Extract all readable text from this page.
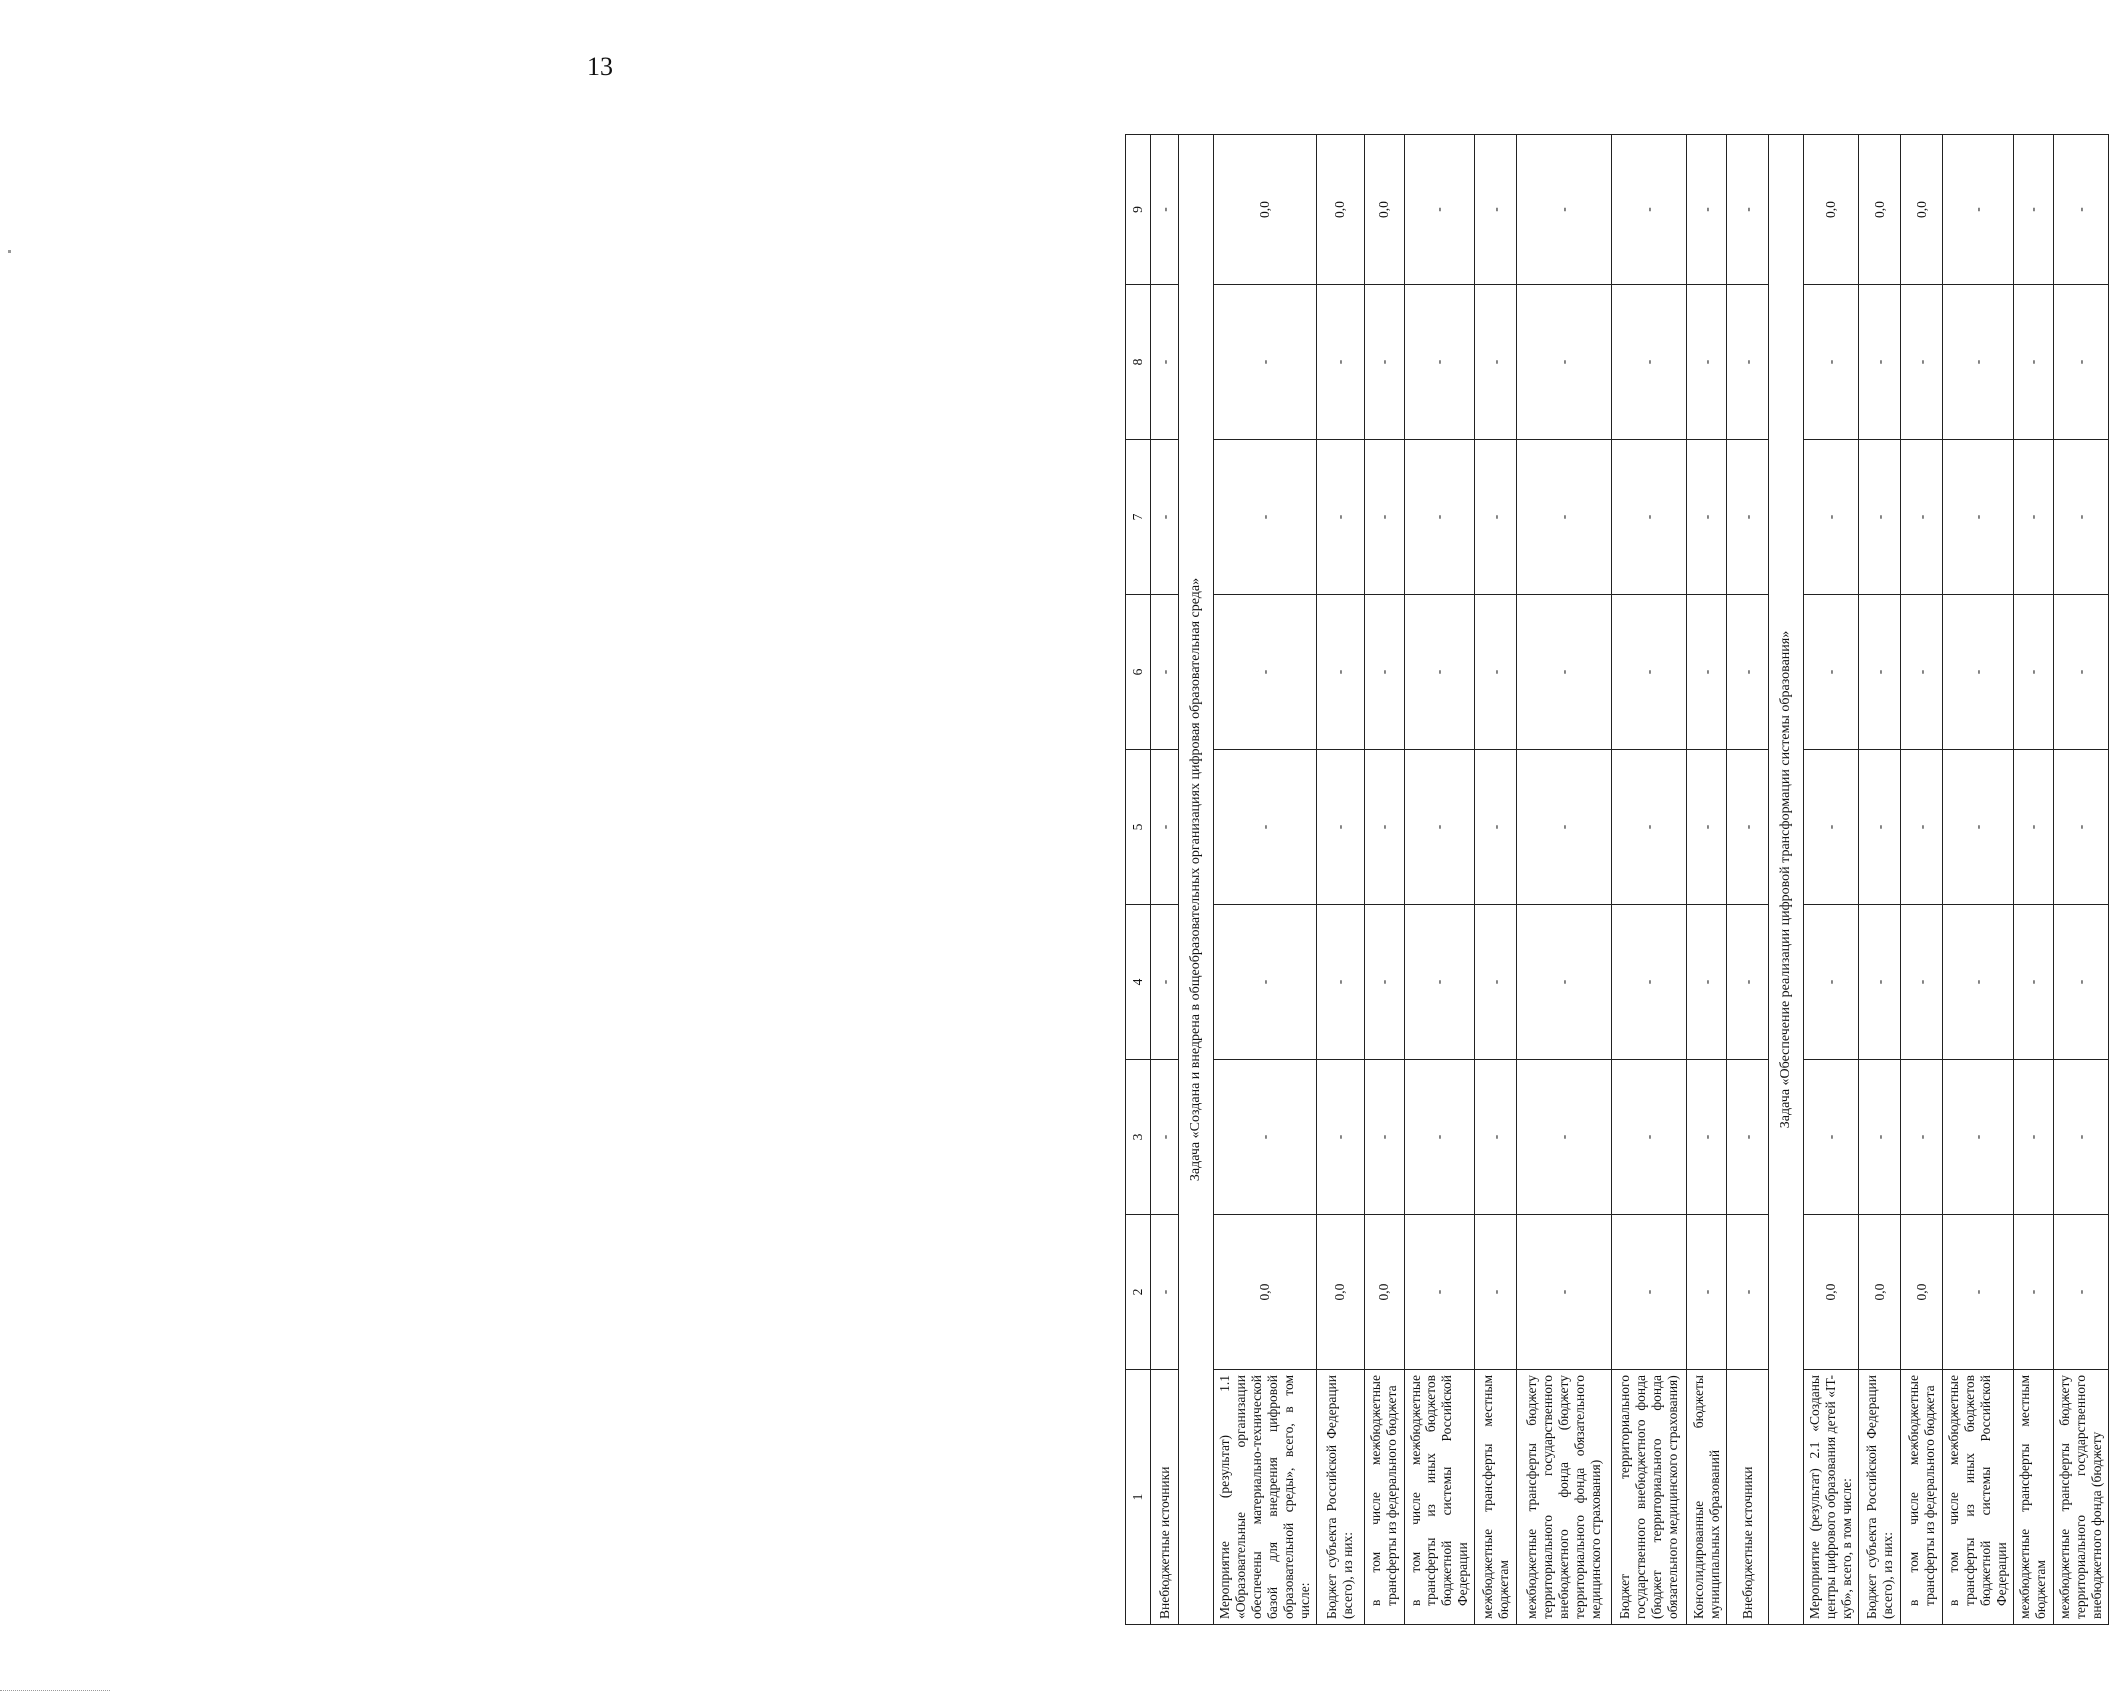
13
1	2	3	4	5	6	7	8	9
Внебюджетные источники	-	-	-	-	-	-	-	-
Задача «Создана и внедрена в общеобразовательных организациях цифровая образовательная среда»								
Мероприятие (результат) 1.1 «Образовательные организации обеспечены материально-технической базой для внедрения цифровой образовательной среды», всего, в том числе:	0,0	-	-	-	-	-	-	0,0
Бюджет субъекта Российской Федерации (всего), из них:	0,0	-	-	-	-	-	-	0,0
в том числе межбюджетные трансферты из федерального бюджета	0,0	-	-	-	-	-	-	0,0
в том числе межбюджетные трансферты из иных бюджетов бюджетной системы Российской Федерации	-	-	-	-	-	-	-	-
межбюджетные трансферты местным бюджетам	-	-	-	-	-	-	-	-
межбюджетные трансферты бюджету территориального государственного внебюджетного фонда (бюджету территориального фонда обязательного медицинского страхования)	-	-	-	-	-	-	-	-
Бюджет территориального государственного внебюджетного фонда (бюджет территориального фонда обязательного медицинского страхования)	-	-	-	-	-	-	-	-
Консолидированные бюджеты муниципальных образований	-	-	-	-	-	-	-	-
Внебюджетные источники	-	-	-	-	-	-	-	-
Задача «Обеспечение реализации цифровой трансформации системы образования»								
Мероприятие (результат) 2.1 «Созданы центры цифрового образования детей «IT-куб», всего, в том числе:	0,0	-	-	-	-	-	-	0,0
Бюджет субъекта Российской Федерации (всего), из них:	0,0	-	-	-	-	-	-	0,0
в том числе межбюджетные трансферты из федерального бюджета	0,0	-	-	-	-	-	-	0,0
в том числе межбюджетные трансферты из иных бюджетов бюджетной системы Российской Федерации	-	-	-	-	-	-	-	-
межбюджетные трансферты местным бюджетам	-	-	-	-	-	-	-	-
межбюджетные трансферты бюджету территориального государственного внебюджетного фонда (бюджету	-	-	-	-	-	-	-	-
